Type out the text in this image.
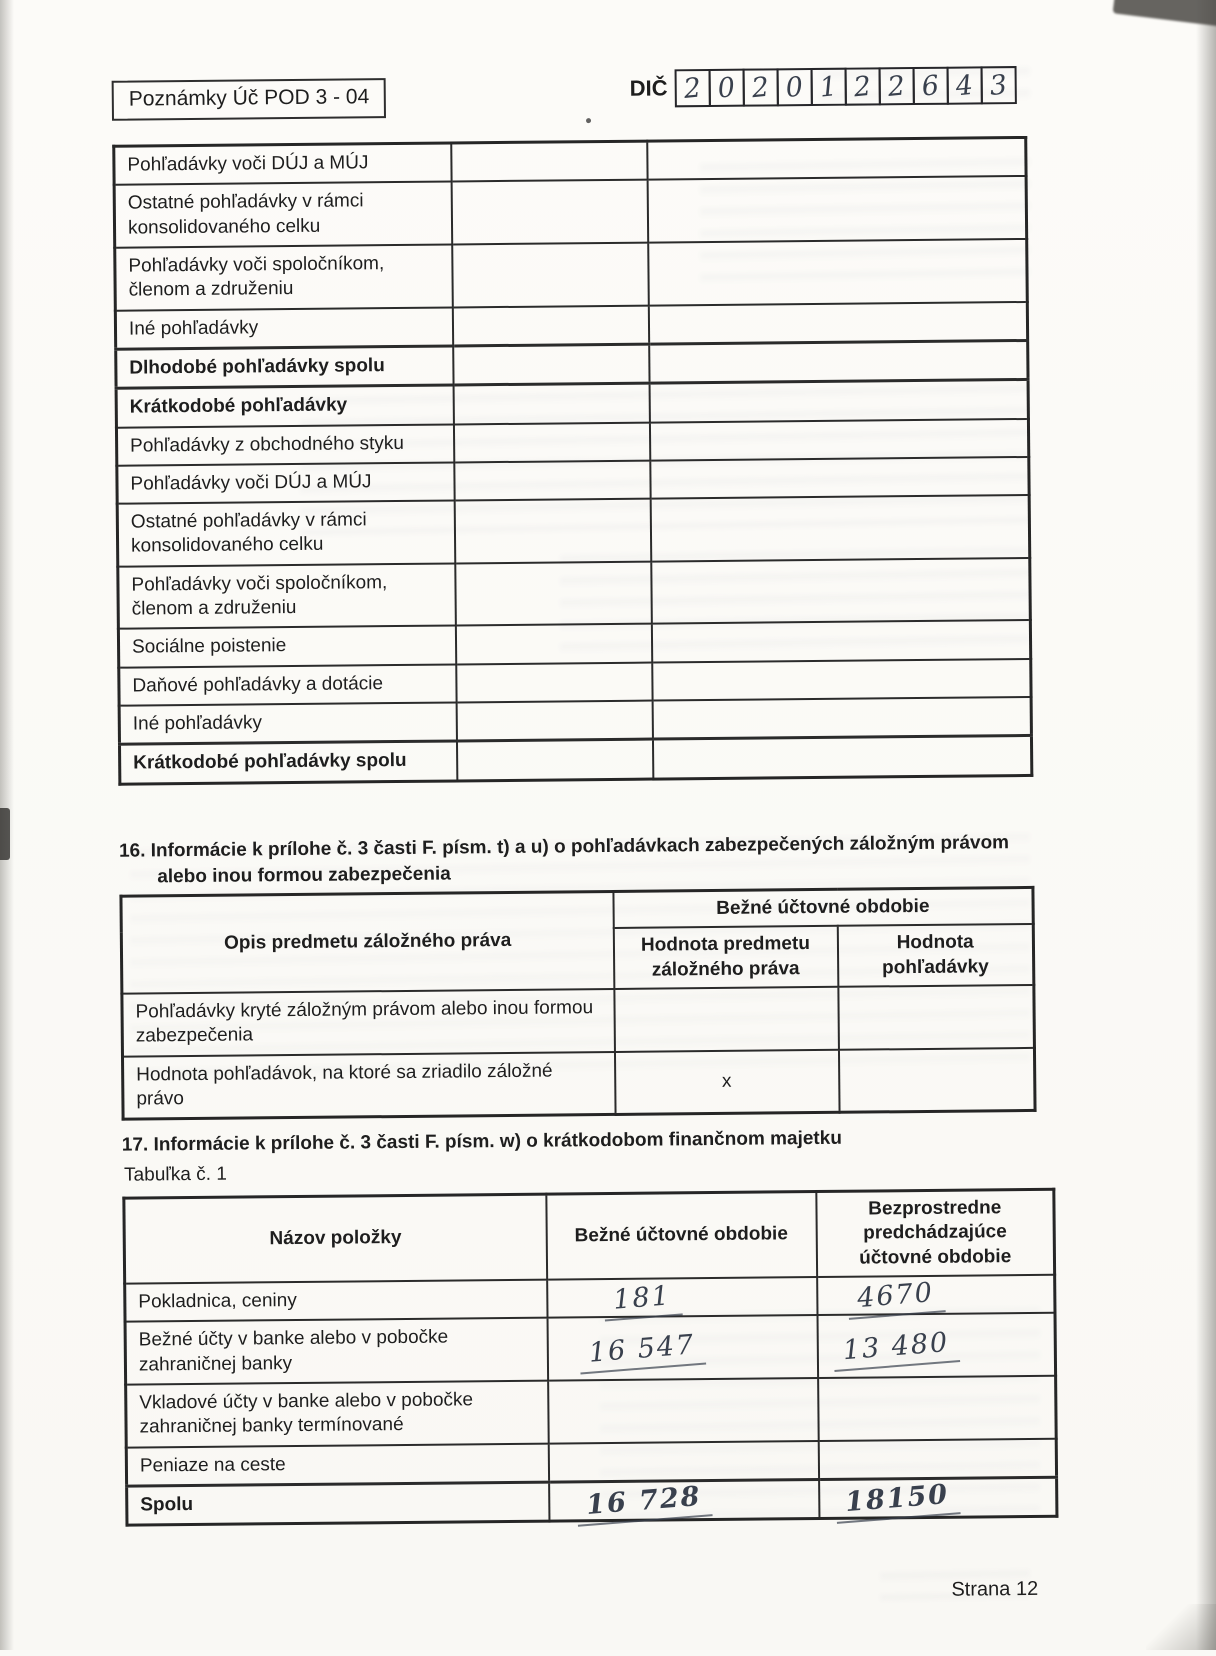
Poznámky Úč POD 3 - 04	DIČ 2 0 2 0 1 2 2 6 4 3
Pohľadávky voči DÚJ a MÚJ		
Ostatné pohľadávky v rámci konsolidovaného celku		
Pohľadávky voči spoločníkom, členom a združeniu		
Iné pohľadávky		
Dlhodobé pohľadávky spolu		
Krátkodobé pohľadávky		
Pohľadávky z obchodného styku		
Pohľadávky voči DÚJ a MÚJ		
Ostatné pohľadávky v rámci konsolidovaného celku		
Pohľadávky voči spoločníkom, členom a združeniu		
Sociálne poistenie		
Daňové pohľadávky a dotácie		
Iné pohľadávky		
Krátkodobé pohľadávky spolu		
16. Informácie k prílohe č. 3 časti F. písm. t) a u) o pohľadávkach zabezpečených záložným právom alebo inou formou zabezpečenia
Opis predmetu záložného práva	Bežné účtovné obdobie	
	Hodnota predmetu záložného práva	Hodnota pohľadávky
Pohľadávky kryté záložným právom alebo inou formou zabezpečenia		
Hodnota pohľadávok, na ktoré sa zriadilo záložné právo	x	
17. Informácie k prílohe č. 3 časti F. písm. w) o krátkodobom finančnom majetku
Tabuľka č. 1
Názov položky	Bežné účtovné obdobie	Bezprostredne predchádzajúce účtovné obdobie
Pokladnica, ceniny	181	4670
Bežné účty v banke alebo v pobočke zahraničnej banky	16 547	13 480
Vkladové účty v banke alebo v pobočke zahraničnej banky termínované		
Peniaze na ceste		
Spolu	16 728	18150
Strana 12
